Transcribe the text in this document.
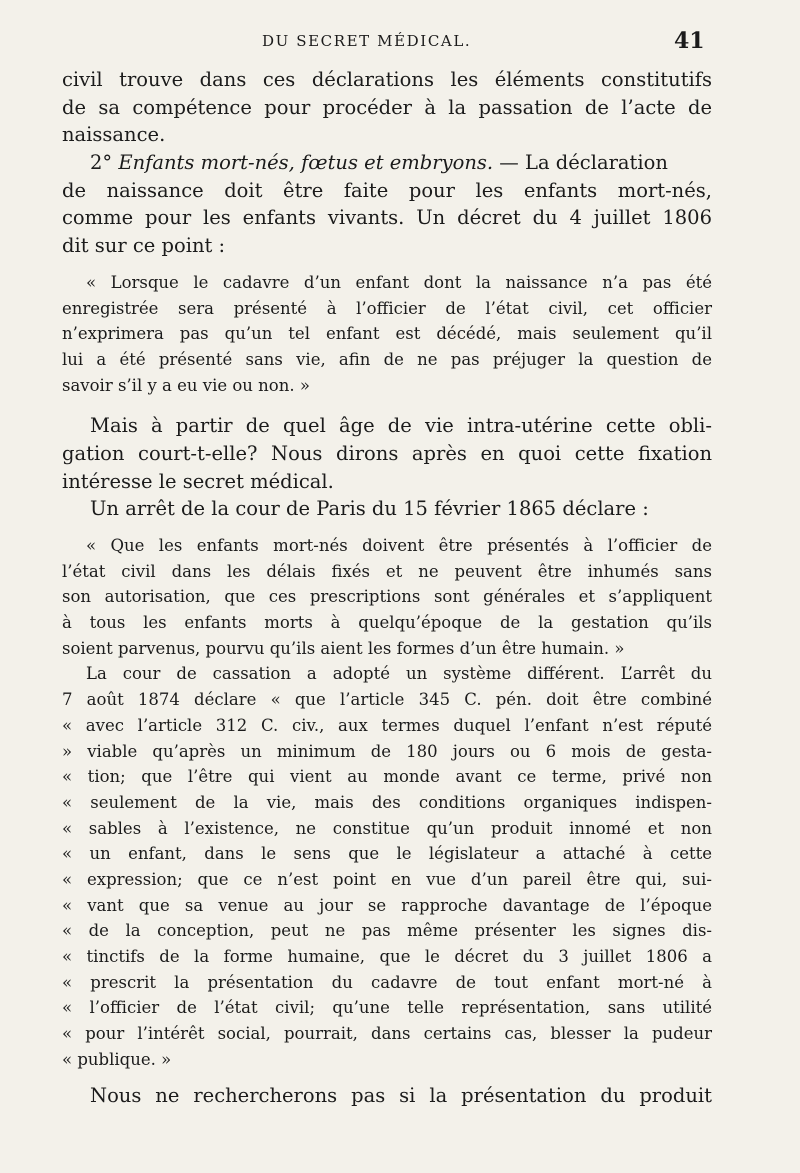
DU SECRET MÉDICAL.	41
civil trouve dans ces déclarations les éléments constitutifs
de sa compétence pour procéder à la passation de l’acte de
naissance.
2° Enfants mort-nés, fœtus et embryons. — La déclaration
de naissance doit être faite pour les enfants mort-nés,
comme pour les enfants vivants. Un décret du 4 juillet 1806
dit sur ce point :
« Lorsque le cadavre d’un enfant dont la naissance n’a pas été
enregistrée sera présenté à l’officier de l’état civil, cet officier
n’exprimera pas qu’un tel enfant est décédé, mais seulement qu’il
lui a été présenté sans vie, afin de ne pas préjuger la question de
savoir s’il y a eu vie ou non. »
Mais à partir de quel âge de vie intra-utérine cette obli-
gation court-t-elle? Nous dirons après en quoi cette fixation
intéresse le secret médical.
Un arrêt de la cour de Paris du 15 février 1865 déclare :
« Que les enfants mort-nés doivent être présentés à l’officier de
l’état civil dans les délais fixés et ne peuvent être inhumés sans
son autorisation, que ces prescriptions sont générales et s’appliquent
à tous les enfants morts à quelqu’époque de la gestation qu’ils
soient parvenus, pourvu qu’ils aient les formes d’un être humain. »
La cour de cassation a adopté un système différent. L’arrêt du
7 août 1874 déclare « que l’article 345 C. pén. doit être combiné
« avec l’article 312 C. civ., aux termes duquel l’enfant n’est réputé
» viable qu’après un minimum de 180 jours ou 6 mois de gesta-
« tion; que l’être qui vient au monde avant ce terme, privé non
« seulement de la vie, mais des conditions organiques indispen-
« sables à l’existence, ne constitue qu’un produit innomé et non
« un enfant, dans le sens que le législateur a attaché à cette
« expression; que ce n’est point en vue d’un pareil être qui, sui-
« vant que sa venue au jour se rapproche davantage de l’époque
« de la conception, peut ne pas même présenter les signes dis-
« tinctifs de la forme humaine, que le décret du 3 juillet 1806 a
« prescrit la présentation du cadavre de tout enfant mort-né à
« l’officier de l’état civil; qu’une telle représentation, sans utilité
« pour l’intérêt social, pourrait, dans certains cas, blesser la pudeur
« publique. »
Nous ne rechercherons pas si la présentation du produit
